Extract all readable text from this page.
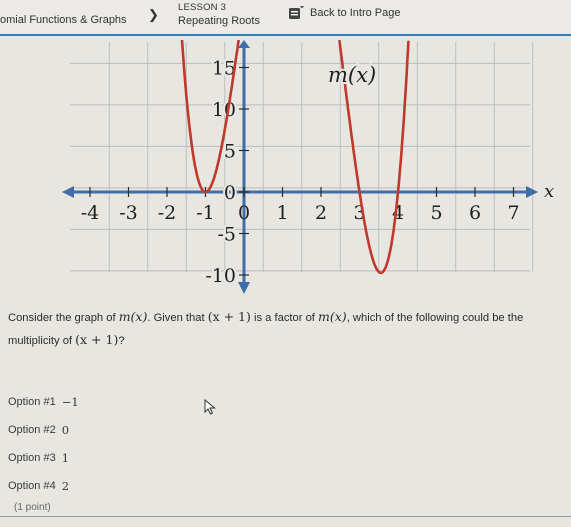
omial Functions & Graphs ❯ LESSON 3
Repeating Roots
Back to Intro Page
-4 -3 -2 -1 0 1 2 3 4 5 6 7
15
10
5
0
-5
-10
x
m(x)
Consider the graph of m(x). Given that (x + 1) is a factor of m(x), which of the following could be the
multiplicity of (x + 1)?
Option #1 −1
Option #2 0
Option #3 1
Option #4 2
(1 point)
